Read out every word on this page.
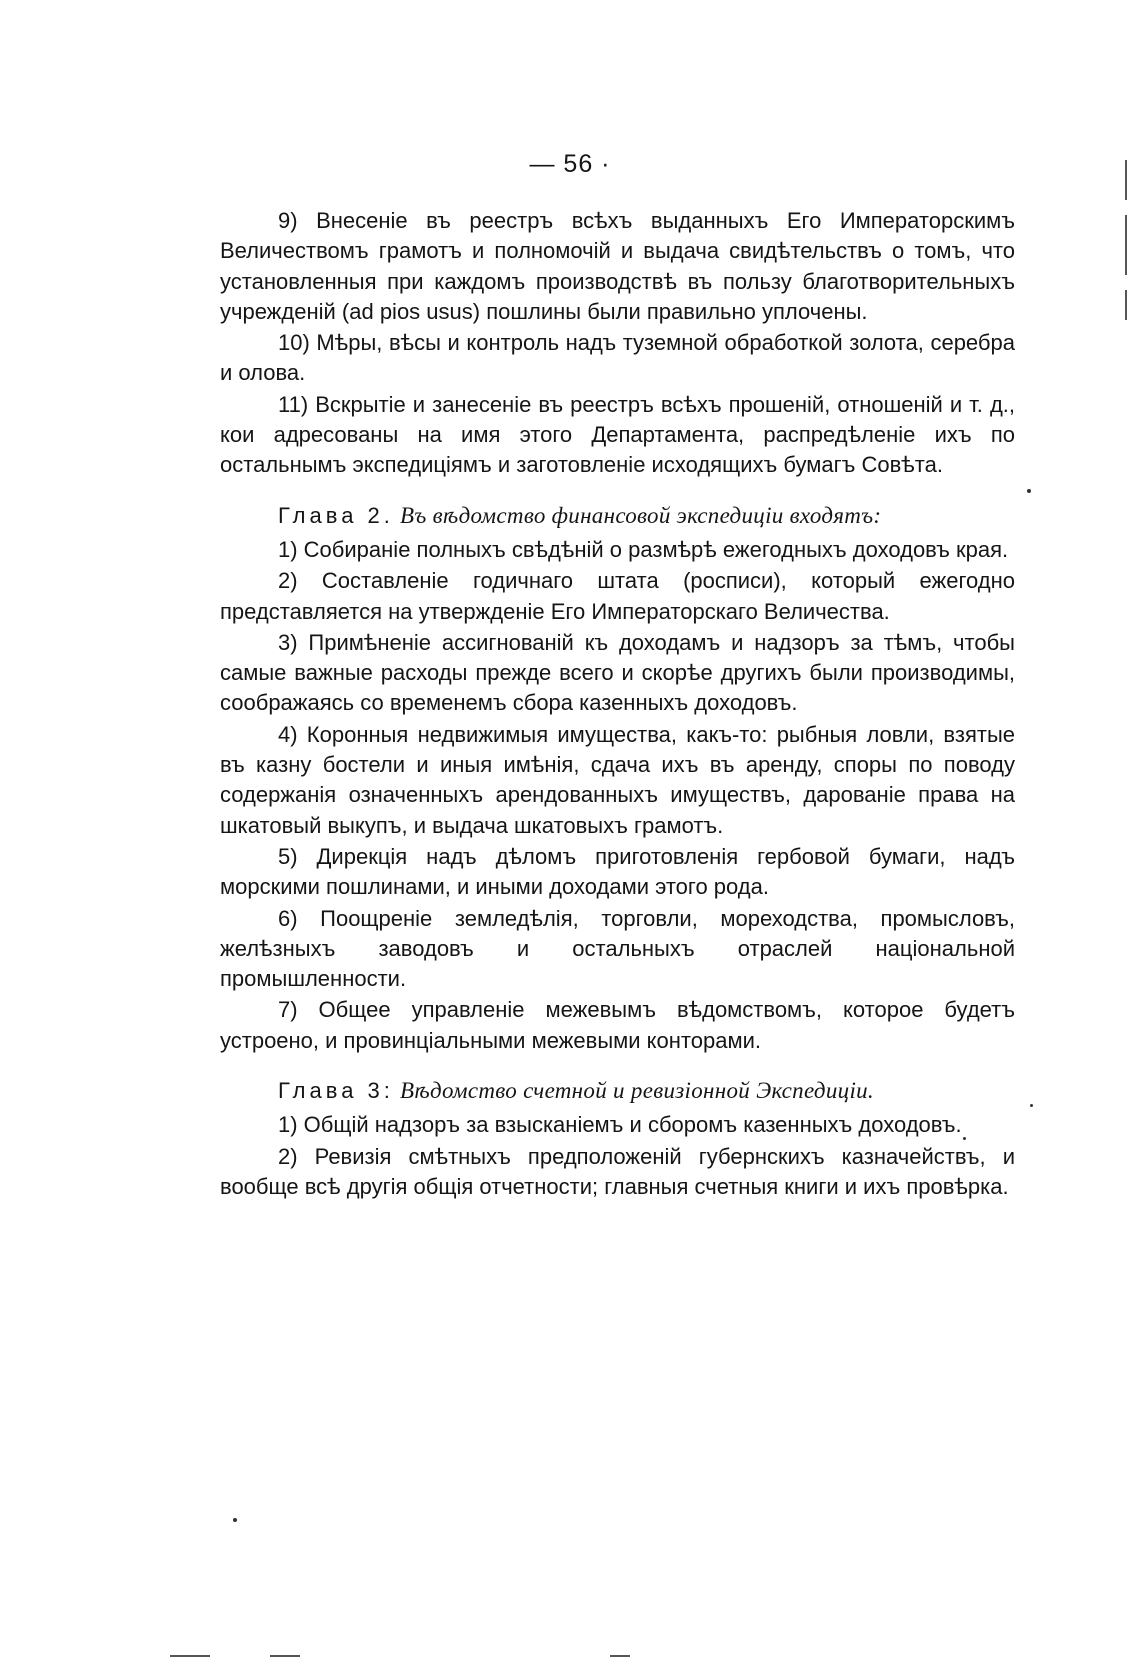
— 56 ·

9) Внесеніе въ реестръ всѣхъ выданныхъ Его Императорскимъ Величествомъ грамотъ и полномочій и выдача свидѣтельствъ о томъ, что установленныя при каждомъ производствѣ въ пользу благотворительныхъ учрежденій (ad pios usus) пошлины были правильно уплочены.

10) Мѣры, вѣсы и контроль надъ туземной обработкой золота, серебра и олова.

11) Вскрытіе и занесеніе въ реестръ всѣхъ прошеній, отношеній и т. д., кои адресованы на имя этого Департамента, распредѣленіе ихъ по остальнымъ экспедиціямъ и заготовленіе исходящихъ бумагъ Совѣта.

Глава 2. Въ вѣдомство финансовой экспедиціи входятъ:

1) Собираніе полныхъ свѣдѣній о размѣрѣ ежегодныхъ доходовъ края.

2) Составленіе годичнаго штата (росписи), который ежегодно представляется на утвержденіе Его Императорскаго Величества.

3) Примѣненіе ассигнованій къ доходамъ и надзоръ за тѣмъ, чтобы самые важные расходы прежде всего и скорѣе другихъ были производимы, соображаясь со временемъ сбора казенныхъ доходовъ.

4) Коронныя недвижимыя имущества, какъ-то: рыбныя ловли, взятые въ казну бостели и иныя имѣнія, сдача ихъ въ аренду, споры по поводу содержанія означенныхъ арендованныхъ имуществъ, дарованіе права на шкатовый выкупъ, и выдача шкатовыхъ грамотъ.

5) Дирекція надъ дѣломъ приготовленія гербовой бумаги, надъ морскими пошлинами, и иными доходами этого рода.

6) Поощреніе земледѣлія, торговли, мореходства, промысловъ, желѣзныхъ заводовъ и остальныхъ отраслей національной промышленности.

7) Общее управленіе межевымъ вѣдомствомъ, которое будетъ устроено, и провинціальными межевыми конторами.

Глава 3: Вѣдомство счетной и ревизіонной Экспедиціи.

1) Общій надзоръ за взысканіемъ и сборомъ казенныхъ доходовъ.

2) Ревизія смѣтныхъ предположеній губернскихъ казначействъ, и вообще всѣ другія общія отчетности; главныя счетныя книги и ихъ провѣрка.
